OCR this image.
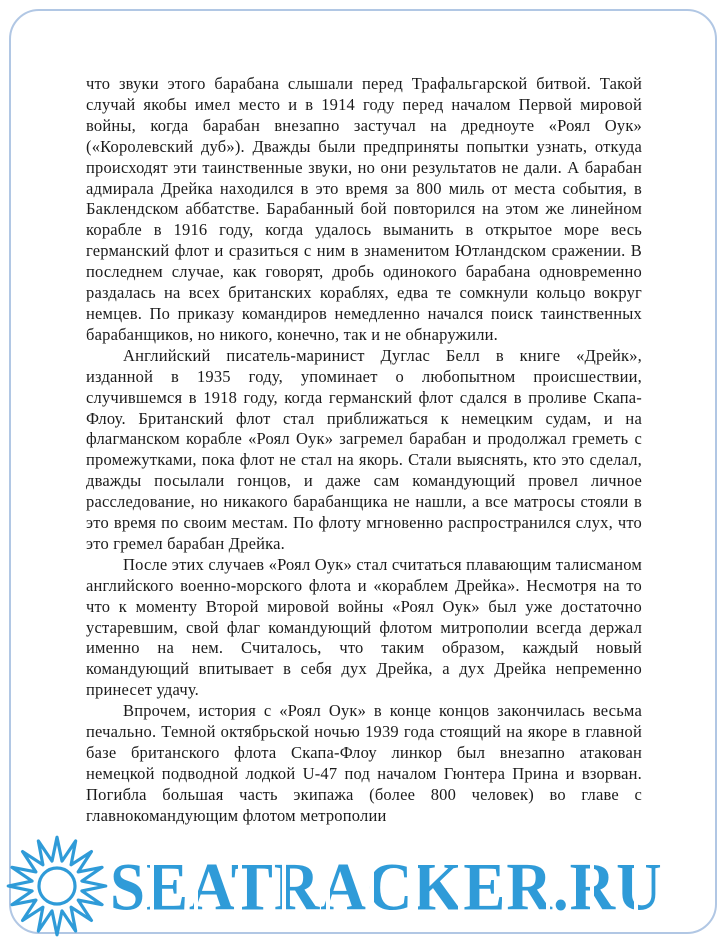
что звуки этого барабана слышали перед Трафальгарской битвой. Такой случай якобы имел место и в 1914 году перед началом Первой мировой войны, когда барабан внезапно застучал на дредноуте «Роял Оук» («Королевский дуб»). Дважды были предприняты попытки узнать, откуда происходят эти таинственные звуки, но они результатов не дали. А барабан адмирала Дрейка находился в это время за 800 миль от места события, в Баклендском аббатстве. Барабанный бой повторился на этом же линейном корабле в 1916 году, когда удалось выманить в открытое море весь германский флот и сразиться с ним в знаменитом Ютландском сражении. В последнем случае, как говорят, дробь одинокого барабана одновременно раздалась на всех британских кораблях, едва те сомкнули кольцо вокруг немцев. По приказу командиров немедленно начался поиск таинственных барабанщиков, но никого, конечно, так и не обнаружили.

Английский писатель-маринист Дуглас Белл в книге «Дрейк», изданной в 1935 году, упоминает о любопытном происшествии, случившемся в 1918 году, когда германский флот сдался в проливе Скапа-Флоу. Британский флот стал приближаться к немецким судам, и на флагманском корабле «Роял Оук» загремел барабан и продолжал греметь с промежутками, пока флот не стал на якорь. Стали выяснять, кто это сделал, дважды посылали гонцов, и даже сам командующий провел личное расследование, но никакого барабанщика не нашли, а все матросы стояли в это время по своим местам. По флоту мгновенно распространился слух, что это гремел барабан Дрейка.

После этих случаев «Роял Оук» стал считаться плавающим талисманом английского военно-морского флота и «кораблем Дрейка». Несмотря на то что к моменту Второй мировой войны «Роял Оук» был уже достаточно устаревшим, свой флаг командующий флотом митрополии всегда держал именно на нем. Считалось, что таким образом, каждый новый командующий впитывает в себя дух Дрейка, а дух Дрейка непременно принесет удачу.

Впрочем, история с «Роял Оук» в конце концов закончилась весьма печально. Темной октябрьской ночью 1939 года стоящий на якоре в главной базе британского флота Скапа-Флоу линкор был внезапно атакован немецкой подводной лодкой U-47 под началом Гюнтера Прина и взорван. Погибла большая часть экипажа (более 800 человек) во главе с главнокомандующим флотом метрополии

SEATRACKER.RU
